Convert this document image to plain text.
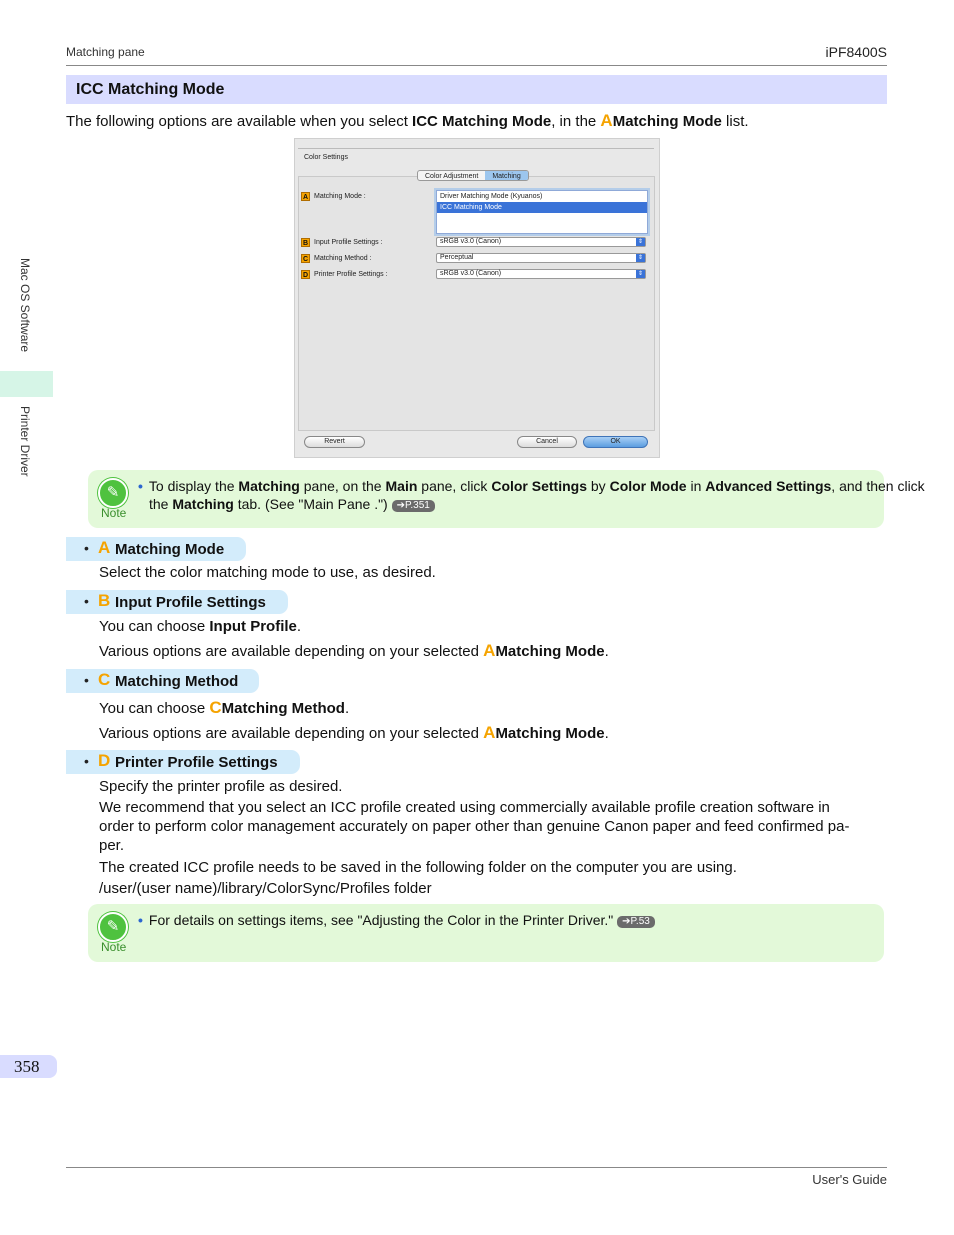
Matching pane	iPF8400S
Mac OS Software
Printer Driver
ICC Matching Mode
The following options are available when you select ICC Matching Mode, in the AMatching Mode list.
Color Settings
Color Adjustment	Matching
A Matching Mode :	Driver Matching Mode (Kyuanos)
ICC Matching Mode
B Input Profile Settings :	sRGB v3.0 (Canon)	⇕
C Matching Method :	Perceptual	⇕
D Printer Profile Settings :	sRGB v3.0 (Canon)	⇕
Revert	Cancel	OK
✎
Note
• To display the Matching pane, on the Main pane, click Color Settings by Color Mode in Advanced Settings, and then click
the Matching tab. (See "Main Pane .") ➔P.351
• A Matching Mode
Select the color matching mode to use, as desired.
• B Input Profile Settings
You can choose Input Profile.
Various options are available depending on your selected AMatching Mode.
• C Matching Method
You can choose CMatching Method.
Various options are available depending on your selected AMatching Mode.
• D Printer Profile Settings
Specify the printer profile as desired.
We recommend that you select an ICC profile created using commercially available profile creation software in
order to perform color management accurately on paper other than genuine Canon paper and feed confirmed pa-
per.
The created ICC profile needs to be saved in the following folder on the computer you are using.
/user/(user name)/library/ColorSync/Profiles folder
✎
Note
• For details on settings items, see "Adjusting the Color in the Printer Driver." ➔P.53
358
User's Guide
